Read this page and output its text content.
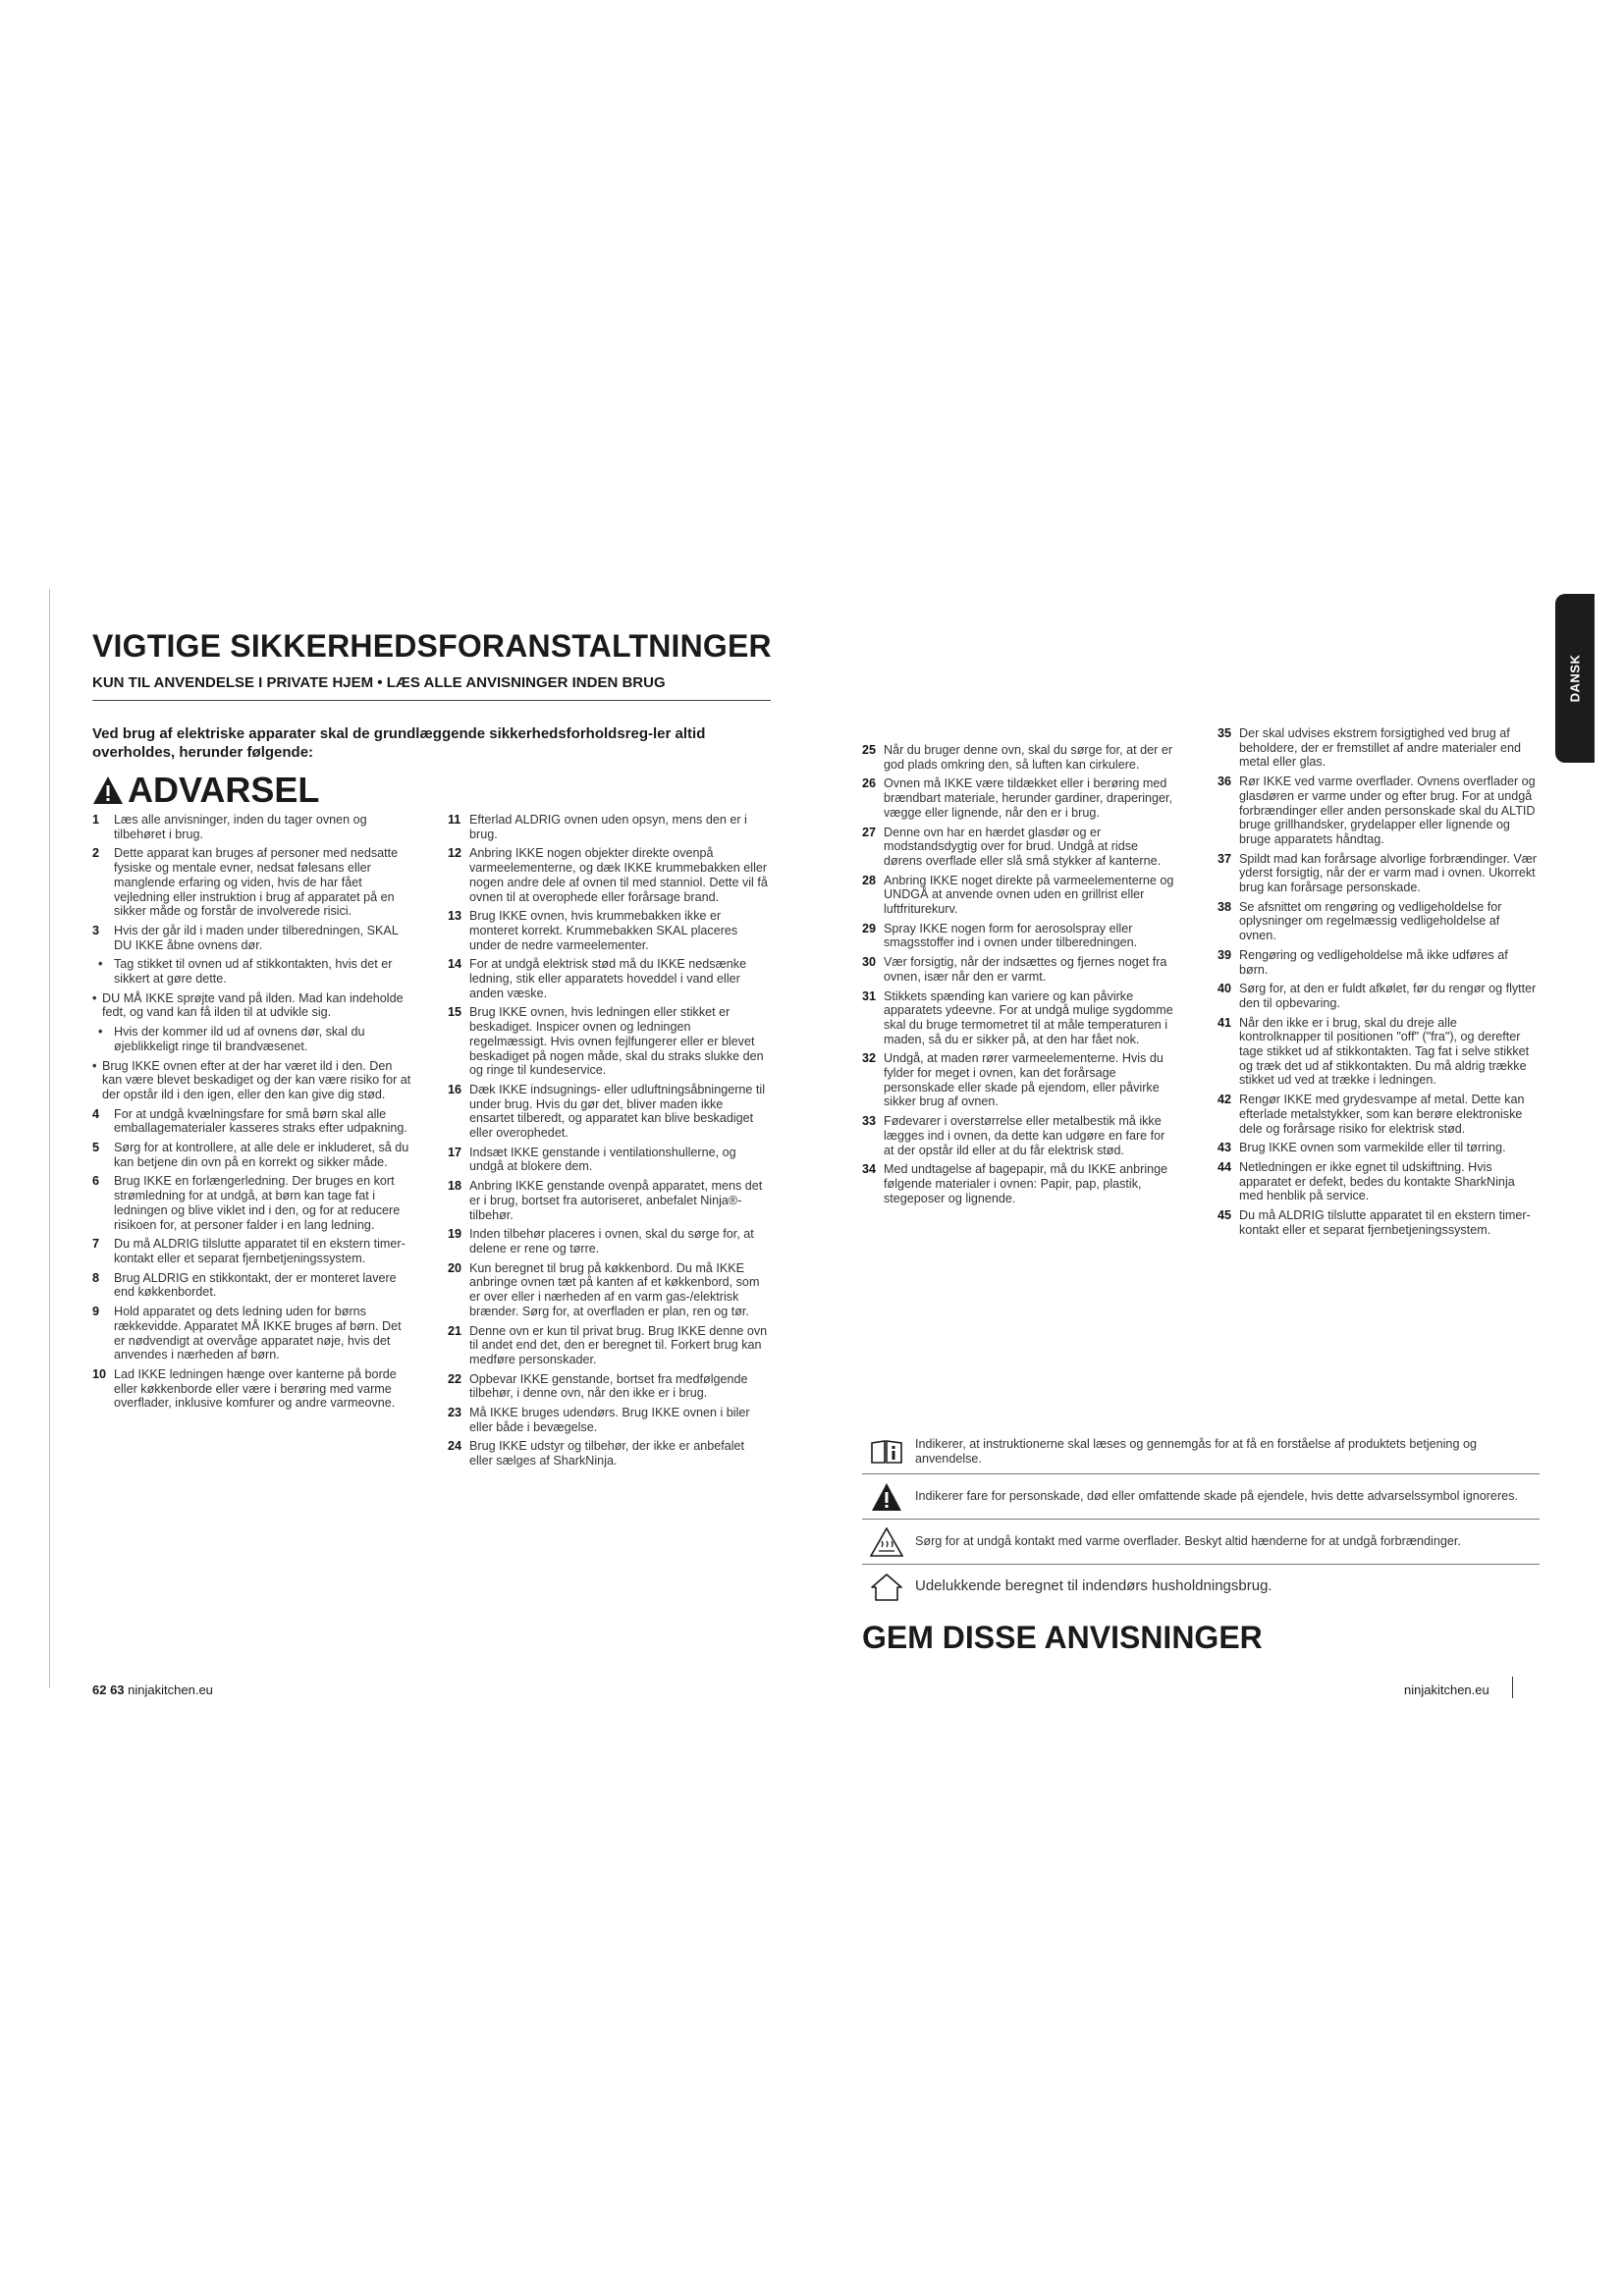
VIGTIGE SIKKERHEDSFORANSTALTNINGER
KUN TIL ANVENDELSE I PRIVATE HJEM • LÆS ALLE ANVISNINGER INDEN BRUG
Ved brug af elektriske apparater skal de grundlæggende sikkerhedsforholdsreg-ler altid overholdes, herunder følgende:
ADVARSEL
1	Læs alle anvisninger, inden du tager ovnen og tilbehøret i brug.
2	Dette apparat kan bruges af personer med nedsatte fysiske og mentale evner, nedsat følesans eller manglende erfaring og viden, hvis de har fået vejledning eller instruktion i brug af apparatet på en sikker måde og forstår de involverede risici.
3	Hvis der går ild i maden under tilberedningen, SKAL DU IKKE åbne ovnens dør.
• Tag stikket til ovnen ud af stikkontakten, hvis det er sikkert at gøre dette.
• DU MÅ IKKE sprøjte vand på ilden. Mad kan indeholde fedt, og vand kan få ilden til at udvikle sig.
• Hvis der kommer ild ud af ovnens dør, skal du øjeblikkeligt ringe til brandvæsenet.
• Brug IKKE ovnen efter at der har været ild i den. Den kan være blevet beskadiget og der kan være risiko for at der opstår ild i den igen, eller den kan give dig stød.
4	For at undgå kvælningsfare for små børn skal alle emballagematerialer kasseres straks efter udpakning.
5	Sørg for at kontrollere, at alle dele er inkluderet, så du kan betjene din ovn på en korrekt og sikker måde.
6	Brug IKKE en forlængerledning. Der bruges en kort strømledning for at undgå, at børn kan tage fat i ledningen og blive viklet ind i den, og for at reducere risikoen for, at personer falder i en lang ledning.
7	Du må ALDRIG tilslutte apparatet til en ekstern timer-kontakt eller et separat fjernbetjeningssystem.
8	Brug ALDRIG en stikkontakt, der er monteret lavere end køkkenbordet.
9	Hold apparatet og dets ledning uden for børns rækkevidde. Apparatet MÅ IKKE bruges af børn. Det er nødvendigt at overvåge apparatet nøje, hvis det anvendes i nærheden af børn.
10 Lad IKKE ledningen hænge over kanterne på borde eller køkkenborde eller være i berøring med varme overflader, inklusive komfurer og andre varmeovne.
11 Efterlad ALDRIG ovnen uden opsyn, mens den er i brug.
12 Anbring IKKE nogen objekter direkte ovenpå varmeelementerne, og dæk IKKE krummebakken eller nogen andre dele af ovnen til med stanniol. Dette vil få ovnen til at overophede eller forårsage brand.
13 Brug IKKE ovnen, hvis krummebakken ikke er monteret korrekt. Krummebakken SKAL placeres under de nedre varmeelementer.
14 For at undgå elektrisk stød må du IKKE nedsænke ledning, stik eller apparatets hoveddel i vand eller anden væske.
15 Brug IKKE ovnen, hvis ledningen eller stikket er beskadiget. Inspicer ovnen og ledningen regelmæssigt. Hvis ovnen fejlfungerer eller er blevet beskadiget på nogen måde, skal du straks slukke den og ringe til kundeservice.
16 Dæk IKKE indsugnings- eller udluftningsåbningerne til under brug. Hvis du gør det, bliver maden ikke ensartet tilberedt, og apparatet kan blive beskadiget eller overophedet.
17 Indsæt IKKE genstande i ventilationshullerne, og undgå at blokere dem.
18 Anbring IKKE genstande ovenpå apparatet, mens det er i brug, bortset fra autoriseret, anbefalet Ninja®-tilbehør.
19 Inden tilbehør placeres i ovnen, skal du sørge for, at delene er rene og tørre.
20 Kun beregnet til brug på køkkenbord. Du må IKKE anbringe ovnen tæt på kanten af et køkkenbord, som er over eller i nærheden af en varm gas-/elektrisk brænder. Sørg for, at overfladen er plan, ren og tør.
21 Denne ovn er kun til privat brug. Brug IKKE denne ovn til andet end det, den er beregnet til. Forkert brug kan medføre personskader.
22 Opbevar IKKE genstande, bortset fra medfølgende tilbehør, i denne ovn, når den ikke er i brug.
23 Må IKKE bruges udendørs. Brug IKKE ovnen i biler eller både i bevægelse.
24 Brug IKKE udstyr og tilbehør, der ikke er anbefalet eller sælges af SharkNinja.
25 Når du bruger denne ovn, skal du sørge for, at der er god plads omkring den, så luften kan cirkulere.
26 Ovnen må IKKE være tildækket eller i berøring med brændbart materiale, herunder gardiner, draperinger, vægge eller lignende, når den er i brug.
27 Denne ovn har en hærdet glasdør og er modstandsdygtig over for brud. Undgå at ridse dørens overflade eller slå små stykker af kanterne.
28 Anbring IKKE noget direkte på varmeelementerne og UNDGÅ at anvende ovnen uden en grillrist eller luftfriturekurv.
29 Spray IKKE nogen form for aerosolspray eller smagsstoffer ind i ovnen under tilberedningen.
30 Vær forsigtig, når der indsættes og fjernes noget fra ovnen, især når den er varmt.
31 Stikkets spænding kan variere og kan påvirke apparatets ydeevne. For at undgå mulige sygdomme skal du bruge termometret til at måle temperaturen i maden, så du er sikker på, at den har fået nok.
32 Undgå, at maden rører varmeelementerne. Hvis du fylder for meget i ovnen, kan det forårsage personskade eller skade på ejendom, eller påvirke sikker brug af ovnen.
33 Fødevarer i overstørrelse eller metalbestik må ikke lægges ind i ovnen, da dette kan udgøre en fare for at der opstår ild eller at du får elektrisk stød.
34 Med undtagelse af bagepapir, må du IKKE anbringe følgende materialer i ovnen: Papir, pap, plastik, stegeposer og lignende.
35 Der skal udvises ekstrem forsigtighed ved brug af beholdere, der er fremstillet af andre materialer end metal eller glas.
36 Rør IKKE ved varme overflader. Ovnens overflader og glasdøren er varme under og efter brug. For at undgå forbrændinger eller anden personskade skal du ALTID bruge grillhandsker, grydelapper eller lignende og bruge apparatets håndtag.
37 Spildt mad kan forårsage alvorlige forbrændinger. Vær yderst forsigtig, når der er varm mad i ovnen. Ukorrekt brug kan forårsage personskade.
38 Se afsnittet om rengøring og vedligeholdelse for oplysninger om regelmæssig vedligeholdelse af ovnen.
39 Rengøring og vedligeholdelse må ikke udføres af børn.
40 Sørg for, at den er fuldt afkølet, før du rengør og flytter den til opbevaring.
41 Når den ikke er i brug, skal du dreje alle kontrolknapper til positionen "off" ("fra"), og derefter tage stikket ud af stikkontakten. Tag fat i selve stikket og træk det ud af stikkontakten. Du må aldrig trække stikket ud ved at trække i ledningen.
42 Rengør IKKE med grydesvampe af metal. Dette kan efterlade metalstykker, som kan berøre elektroniske dele og forårsage risiko for elektrisk stød.
43 Brug IKKE ovnen som varmekilde eller til tørring.
44 Netledningen er ikke egnet til udskiftning. Hvis apparatet er defekt, bedes du kontakte SharkNinja med henblik på service.
45 Du må ALDRIG tilslutte apparatet til en ekstern timer-kontakt eller et separat fjernbetjeningssystem.
Indikerer, at instruktionerne skal læses og gennemgås for at få en forståelse af produktets betjening og anvendelse.
Indikerer fare for personskade, død eller omfattende skade på ejendele, hvis dette advarselssymbol ignoreres.
Sørg for at undgå kontakt med varme overflader. Beskyt altid hænderne for at undgå forbrændinger.
Udelukkende beregnet til indendørs husholdningsbrug.
GEM DISSE ANVISNINGER
62 63 ninjakitchen.eu	ninjakitchen.eu
DANSK
